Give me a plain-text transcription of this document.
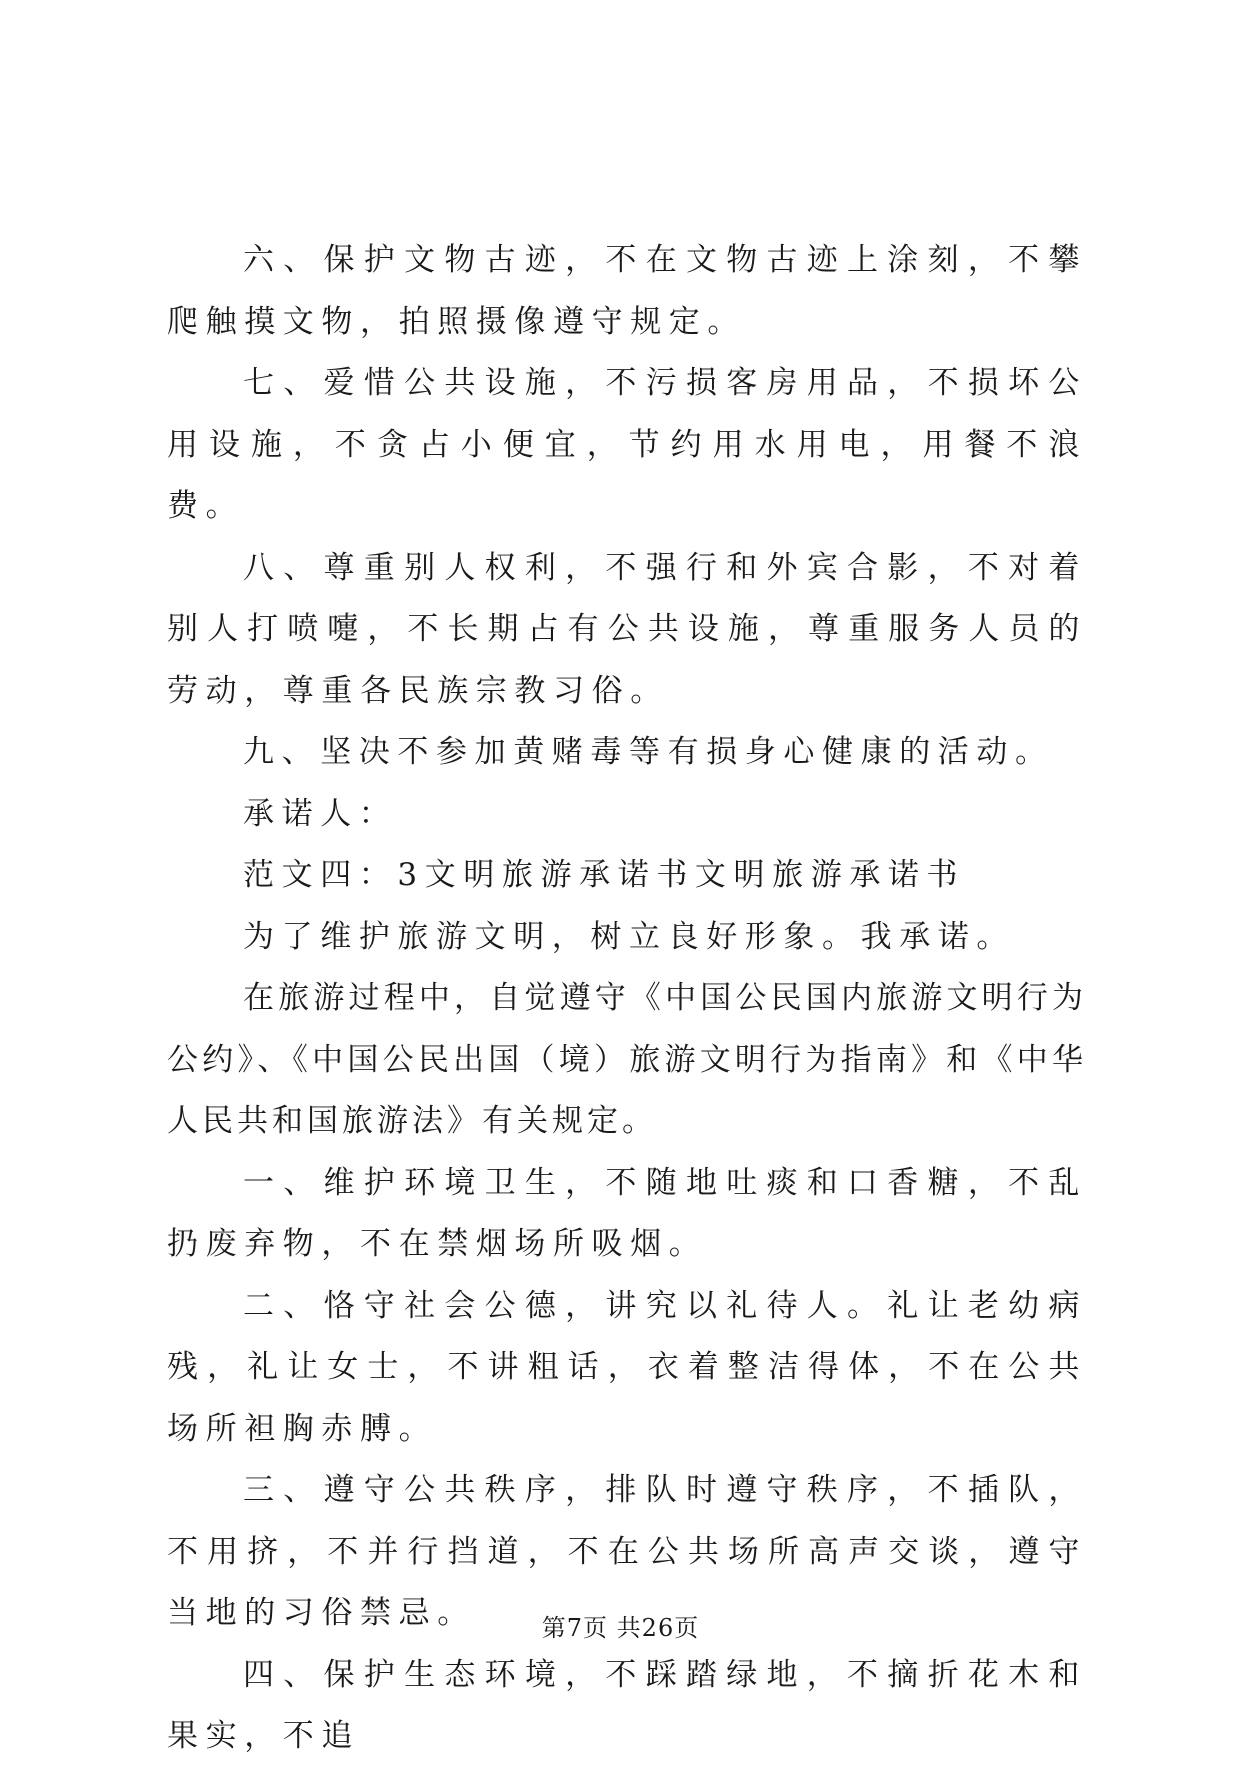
六、保护文物古迹，不在文物古迹上涂刻，不攀爬触摸文物，拍照摄像遵守规定。

七、爱惜公共设施，不污损客房用品，不损坏公用设施，不贪占小便宜，节约用水用电，用餐不浪费。

八、尊重别人权利，不强行和外宾合影，不对着别人打喷嚏，不长期占有公共设施，尊重服务人员的劳动，尊重各民族宗教习俗。

九、坚决不参加黄赌毒等有损身心健康的活动。

承诺人：

范文四：3文明旅游承诺书文明旅游承诺书

为了维护旅游文明，树立良好形象。我承诺。

在旅游过程中，自觉遵守《中国公民国内旅游文明行为公约》、《中国公民出国（境）旅游文明行为指南》和《中华人民共和国旅游法》有关规定。

一、维护环境卫生，不随地吐痰和口香糖，不乱扔废弃物，不在禁烟场所吸烟。

二、恪守社会公德，讲究以礼待人。礼让老幼病残，礼让女士，不讲粗话，衣着整洁得体，不在公共场所袒胸赤膊。

三、遵守公共秩序，排队时遵守秩序，不插队，不用挤，不并行挡道，不在公共场所高声交谈，遵守当地的习俗禁忌。

四、保护生态环境，不踩踏绿地，不摘折花木和果实，不追

第7页 共26页
